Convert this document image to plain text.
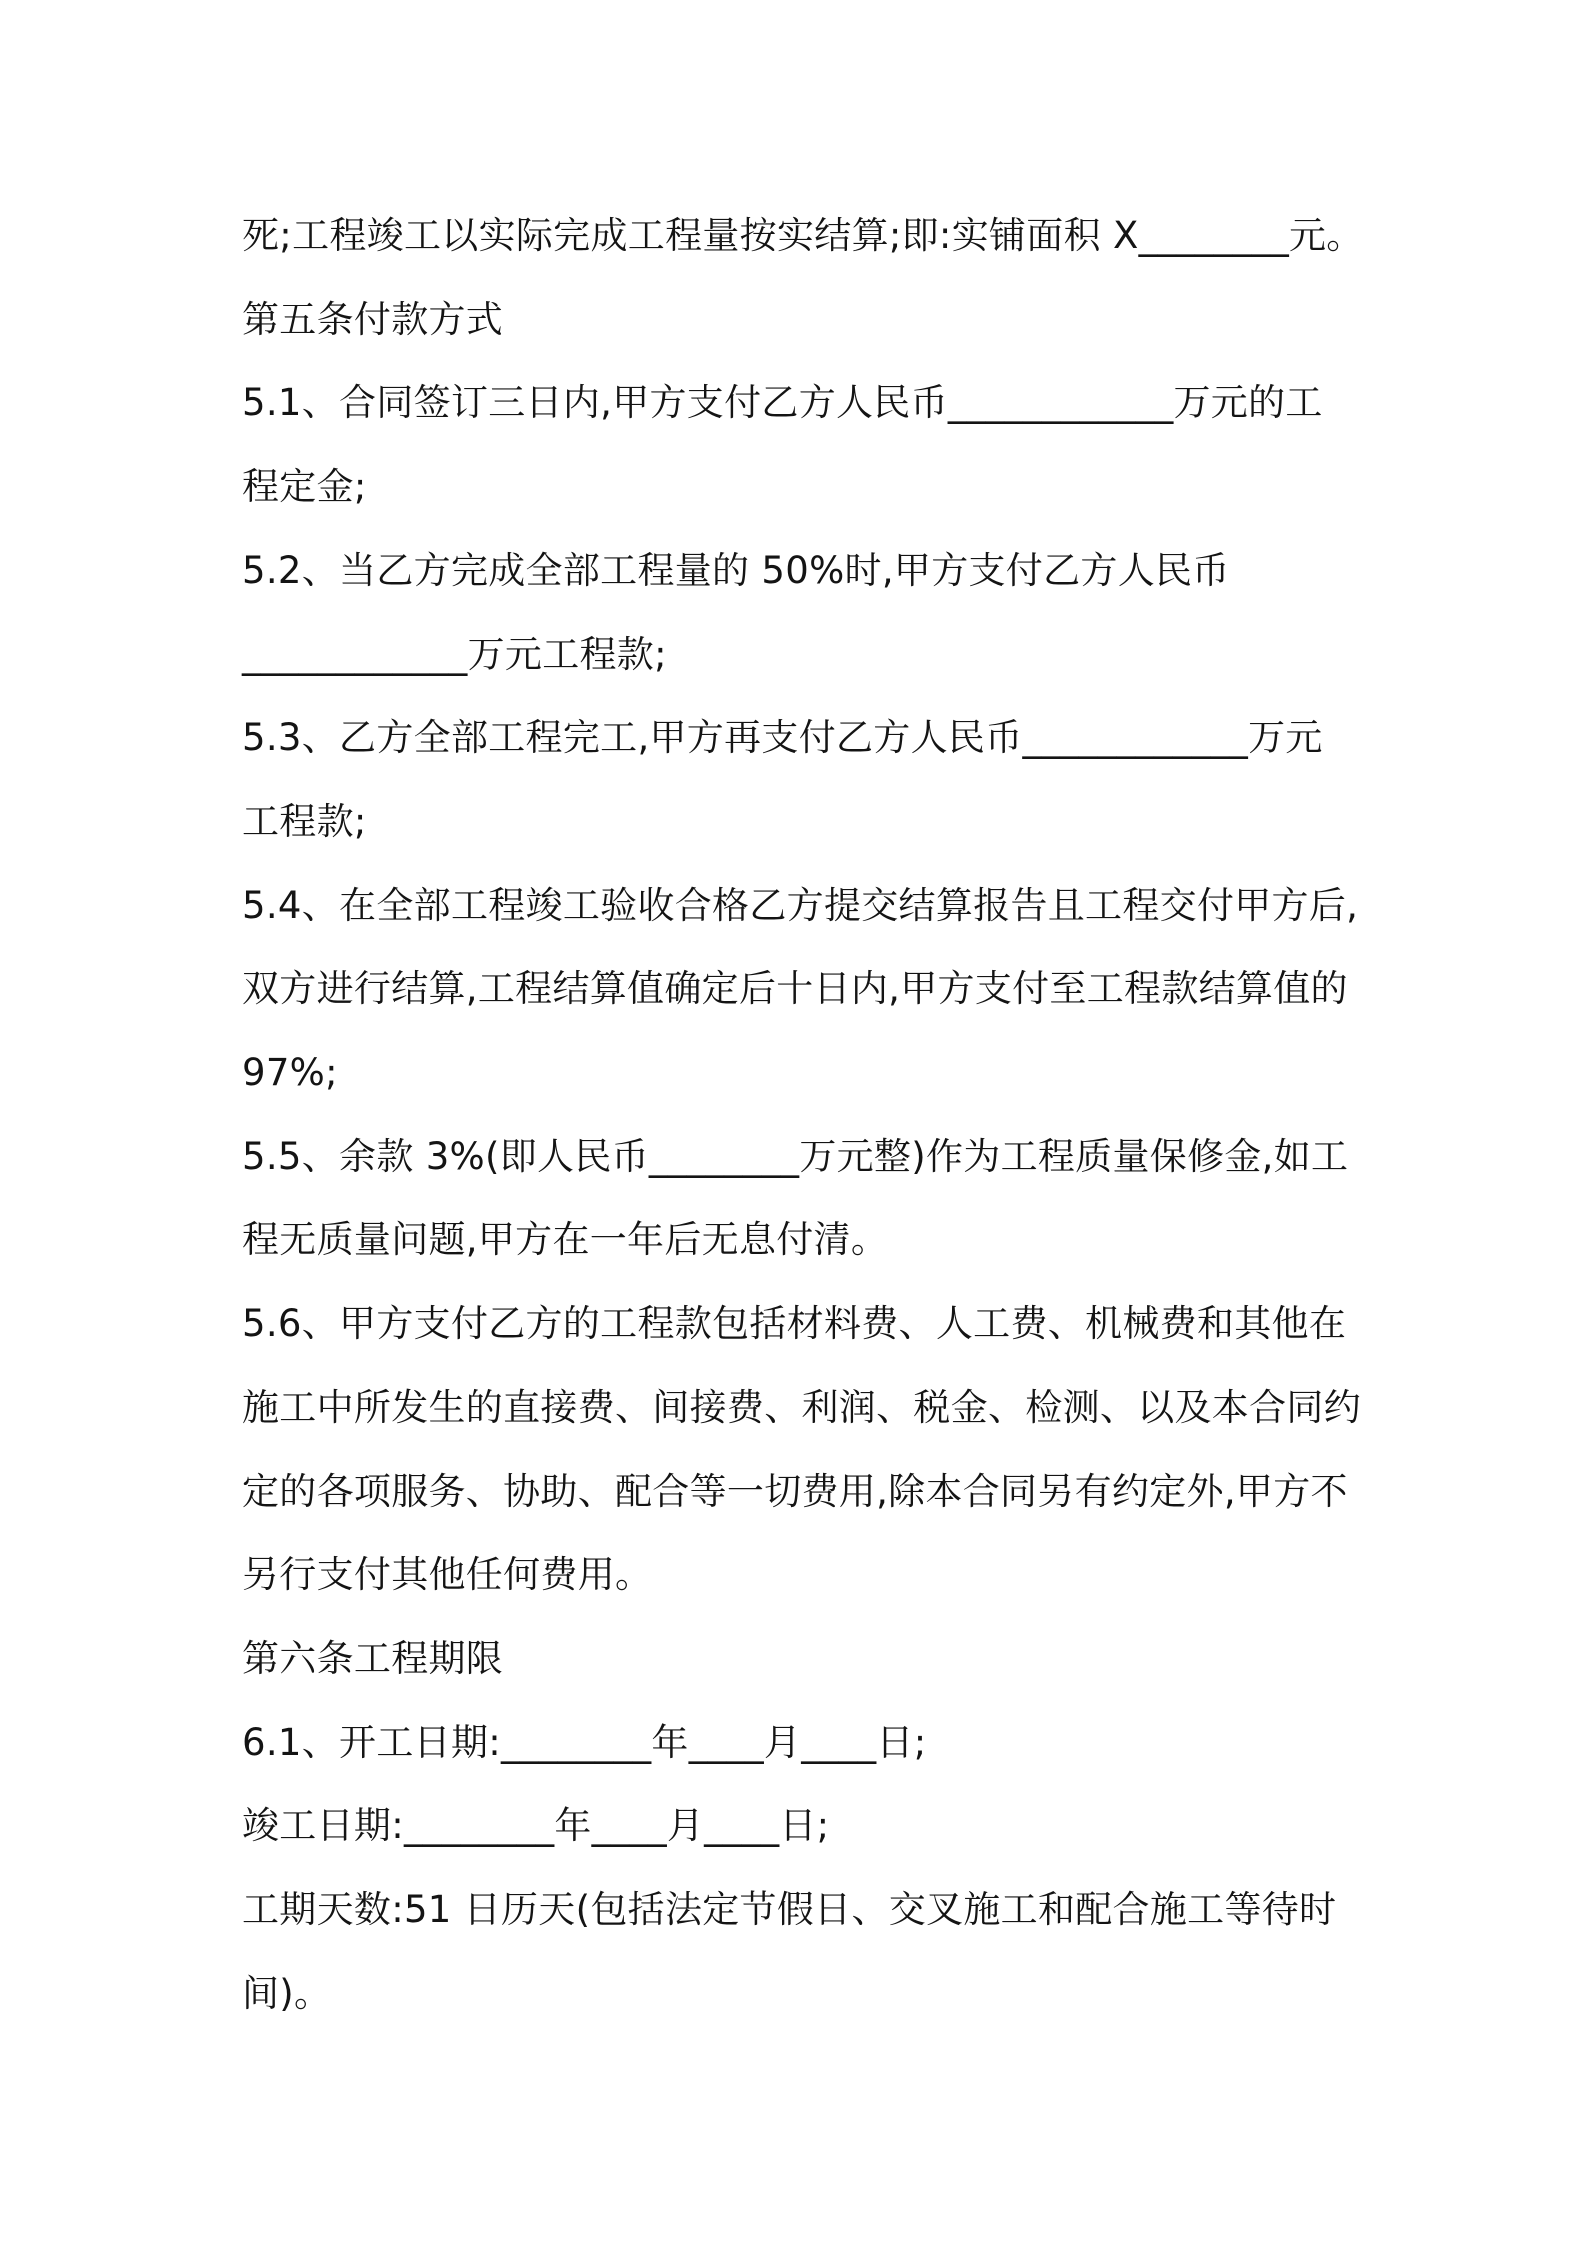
死;工程竣工以实际完成工程量按实结算;即:实铺面积 X________元。

第五条付款方式

5.1、合同签订三日内,甲方支付乙方人民币____________万元的工

程定金;

5.2、当乙方完成全部工程量的 50%时,甲方支付乙方人民币

____________万元工程款;

5.3、乙方全部工程完工,甲方再支付乙方人民币____________万元

工程款;

5.4、在全部工程竣工验收合格乙方提交结算报告且工程交付甲方后,

双方进行结算,工程结算值确定后十日内,甲方支付至工程款结算值的

97%;

5.5、余款 3%(即人民币________万元整)作为工程质量保修金,如工

程无质量问题,甲方在一年后无息付清。

5.6、甲方支付乙方的工程款包括材料费、人工费、机械费和其他在

施工中所发生的直接费、间接费、利润、税金、检测、以及本合同约

定的各项服务、协助、配合等一切费用,除本合同另有约定外,甲方不

另行支付其他任何费用。

第六条工程期限

6.1、开工日期:________年____月____日;

竣工日期:________年____月____日;

工期天数:51 日历天(包括法定节假日、交叉施工和配合施工等待时

间)。
